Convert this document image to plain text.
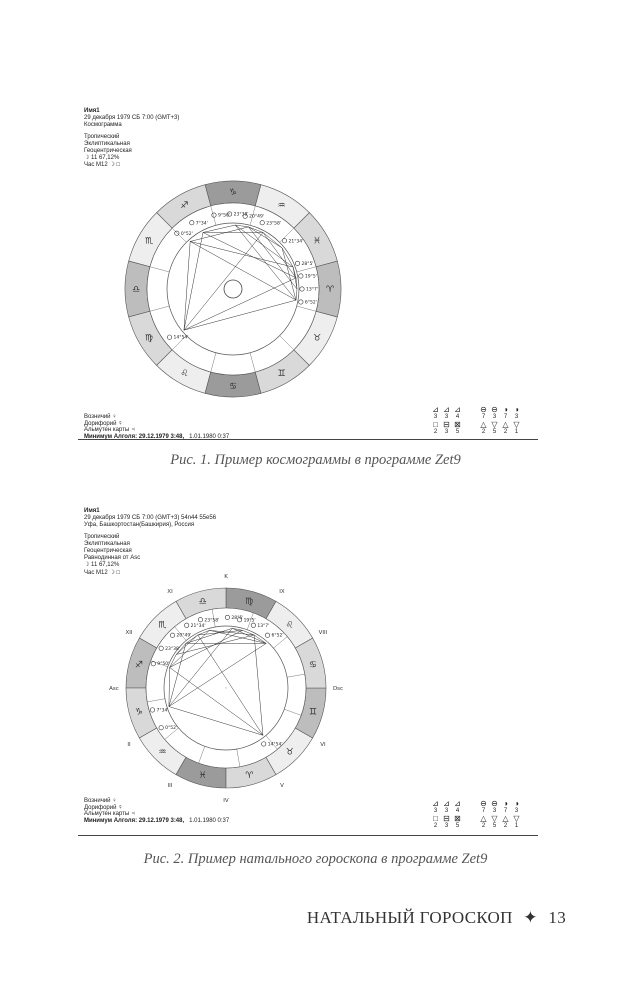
Имя1
29 декабря 1979 СБ 7:00 (GMT+3)
Космограмма
Тропический
Эклиптикальная
Геоцентрическая
☽ 11 67,12%
Час М12 ☽ □
♑
♐
♏
♎
♍
♌
♋
♊
♉
♈
♓
♒
9°50' 23°38' 20°49'
23°58'
7°34'
0°52'
21°34'
28°5'
19°5'
13°7'
6°52'
14°54'
Возничий ♀
Дорифорий ☿
Альмутен карты ♃
Минимум Алголя: 29.12.1979 3:48, 1.01.1980 0:37
⊿ ⊿ ⊿
3 3 4
□ ⊟ ⊠
2 3 5
⊖ ⊖ ◑ ◑
7 3 7 3
△ ▽ △ ▽
2 5 2 1
Рис. 1. Пример космограммы в программе Zet9
Имя1
29 декабря 1979 СБ 7:00 (GMT+3) 54n44 55e56
Уфа, Башкортостан(Башкирия), Россия
Тропический
Эклиптикальная
Геоцентрическая
Равнодинная от Asc
☽ 11 67,12%
Час М12 ☽ □
♍
♎
♏
♐
♑
♒
♓	♈
♉
♊
♋
♌
28°5' 19°5'
13°7'
6°52'
23°58'
21°34'
20°49'
23°38'
9°50'
7°34'
0°52'
14°54'
K
IX
VIII
Dsc
VI
V
IV
III
II
Asc
XII
XI
Возничий ♀
Дорифорий ☿
Альмутен карты ♃
Минимум Алголя: 29.12.1979 3:48, 1.01.1980 0:37
⊿ ⊿ ⊿
3 3 4
□ ⊟ ⊠
2 3 5
⊖ ⊖ ◑ ◑
7 3 7 3
△ ▽ △ ▽
2 5 2 1
Рис. 2. Пример натального гороскопа в программе Zet9
НАТАЛЬНЫЙ ГОРОСКОП ✦ 13
